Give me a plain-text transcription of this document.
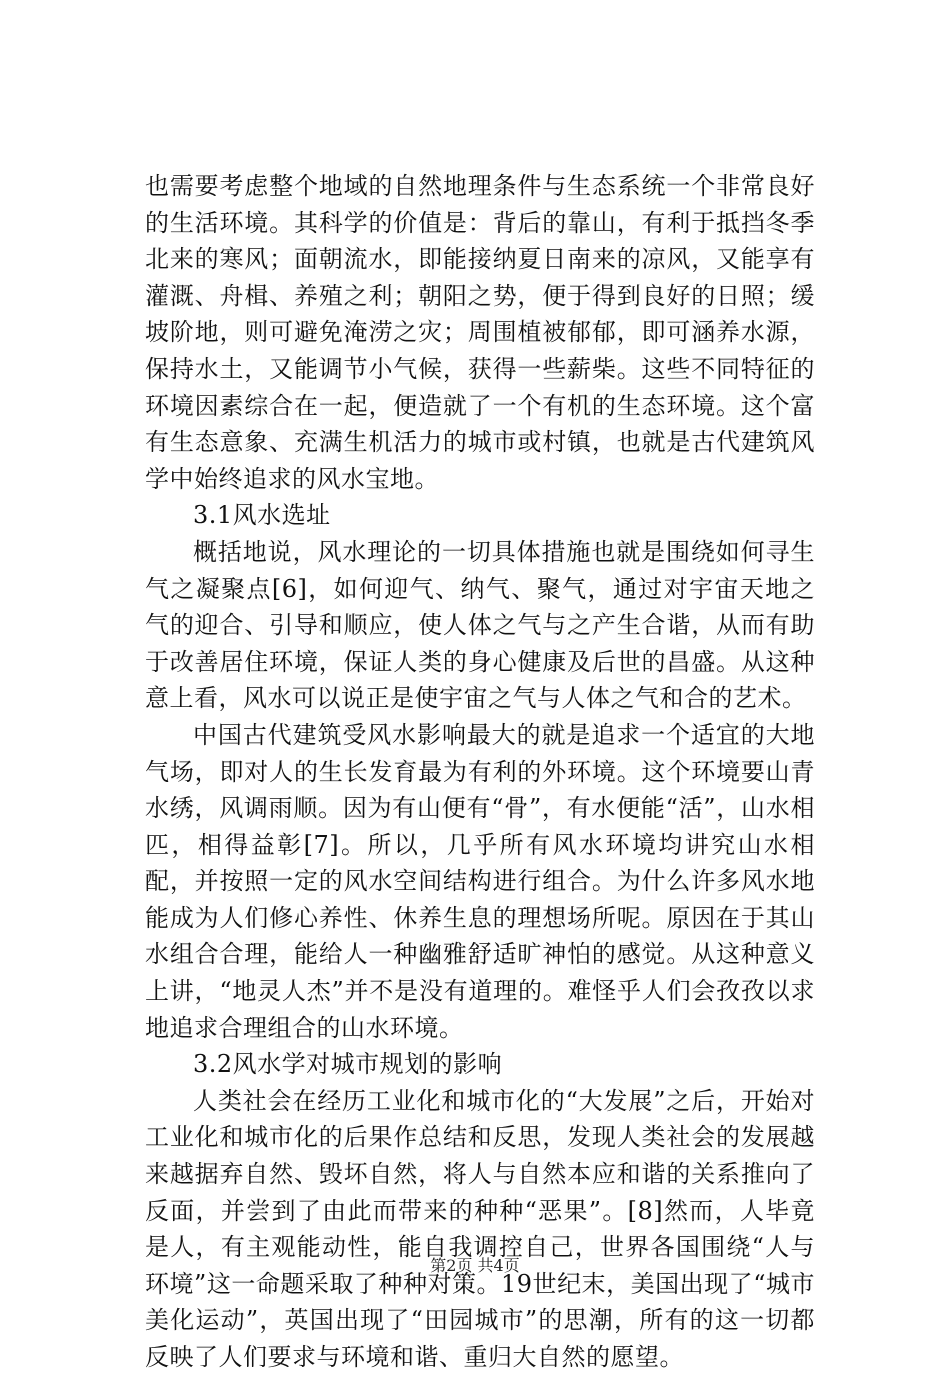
也需要考虑整个地域的自然地理条件与生态系统一个非常良好的生活环境。其科学的价值是：背后的靠山，有利于抵挡冬季北来的寒风；面朝流水，即能接纳夏日南来的凉风，又能享有灌溉、舟楫、养殖之利；朝阳之势，便于得到良好的日照；缓坡阶地，则可避免淹涝之灾；周围植被郁郁，即可涵养水源，保持水土，又能调节小气候，获得一些薪柴。这些不同特征的环境因素综合在一起，便造就了一个有机的生态环境。这个富有生态意象、充满生机活力的城市或村镇，也就是古代建筑风学中始终追求的风水宝地。

3.1风水选址

概括地说，风水理论的一切具体措施也就是围绕如何寻生气之凝聚点[6]，如何迎气、纳气、聚气，通过对宇宙天地之气的迎合、引导和顺应，使人体之气与之产生合谐，从而有助于改善居住环境，保证人类的身心健康及后世的昌盛。从这种意上看，风水可以说正是使宇宙之气与人体之气和合的艺术。

中国古代建筑受风水影响最大的就是追求一个适宜的大地气场，即对人的生长发育最为有利的外环境。这个环境要山青水绣，风调雨顺。因为有山便有“骨”，有水便能“活”，山水相匹，相得益彰[7]。所以，几乎所有风水环境均讲究山水相配，并按照一定的风水空间结构进行组合。为什么许多风水地能成为人们修心养性、休养生息的理想场所呢。原因在于其山水组合合理，能给人一种幽雅舒适旷神怕的感觉。从这种意义上讲，“地灵人杰”并不是没有道理的。难怪乎人们会孜孜以求地追求合理组合的山水环境。

3.2风水学对城市规划的影响

人类社会在经历工业化和城市化的“大发展”之后，开始对工业化和城市化的后果作总结和反思，发现人类社会的发展越来越据弃自然、毁坏自然，将人与自然本应和谐的关系推向了反面，并尝到了由此而带来的种种“恶果”。[8]然而，人毕竟是人，有主观能动性，能自我调控自己，世界各国围绕“人与环境”这一命题采取了种种对策。19世纪末，美国出现了“城市美化运动”，英国出现了“田园城市”的思潮，所有的这一切都反映了人们要求与环境和谐、重归大自然的愿望。

第2页 共4页
